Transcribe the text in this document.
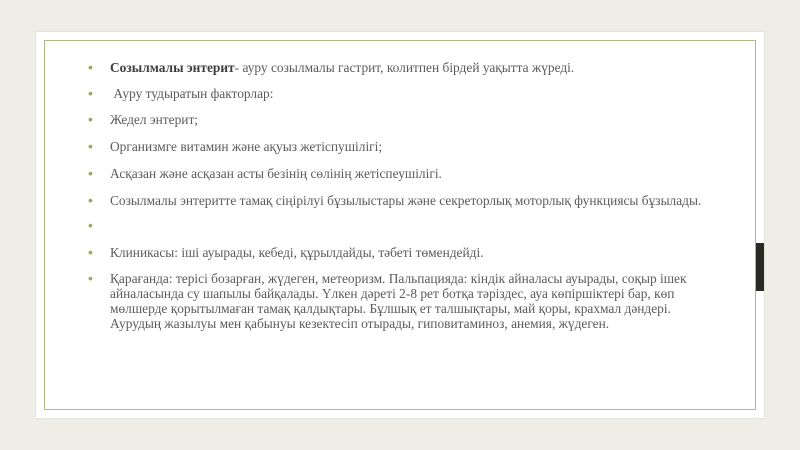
• Созылмалы энтерит- ауру созылмалы гастрит, колитпен бірдей уақытта жүреді.
•  Ауру тудыратын факторлар:
• Жедел энтерит;
• Организмге витамин және ақуыз жетіспушілігі;
• Асқазан және асқазан асты безінің сөлінің жетіспеушілігі.
• Созылмалы энтеритте тамақ сіңірілуі бұзылыстары және секреторлық моторлық функциясы бұзылады.
•
• Клиникасы: іші ауырады, кебеді, құрылдайды, тәбеті төмендейді.
• Қарағанда: терісі бозарған, жүдеген, метеоризм. Пальпацияда: кіндік айналасы ауырады, соқыр ішек айналасында су шапылы байқалады. Үлкен дәреті 2-8 рет ботқа тәріздес, ауа көпіршіктері бар, көп мөлшерде қорытылмаған тамақ қалдықтары. Бұлшық ет талшықтары, май қоры, крахмал дәндері. Аурудың жазылуы мен қабынуы кезектесіп отырады, гиповитаминоз, анемия, жүдеген.
